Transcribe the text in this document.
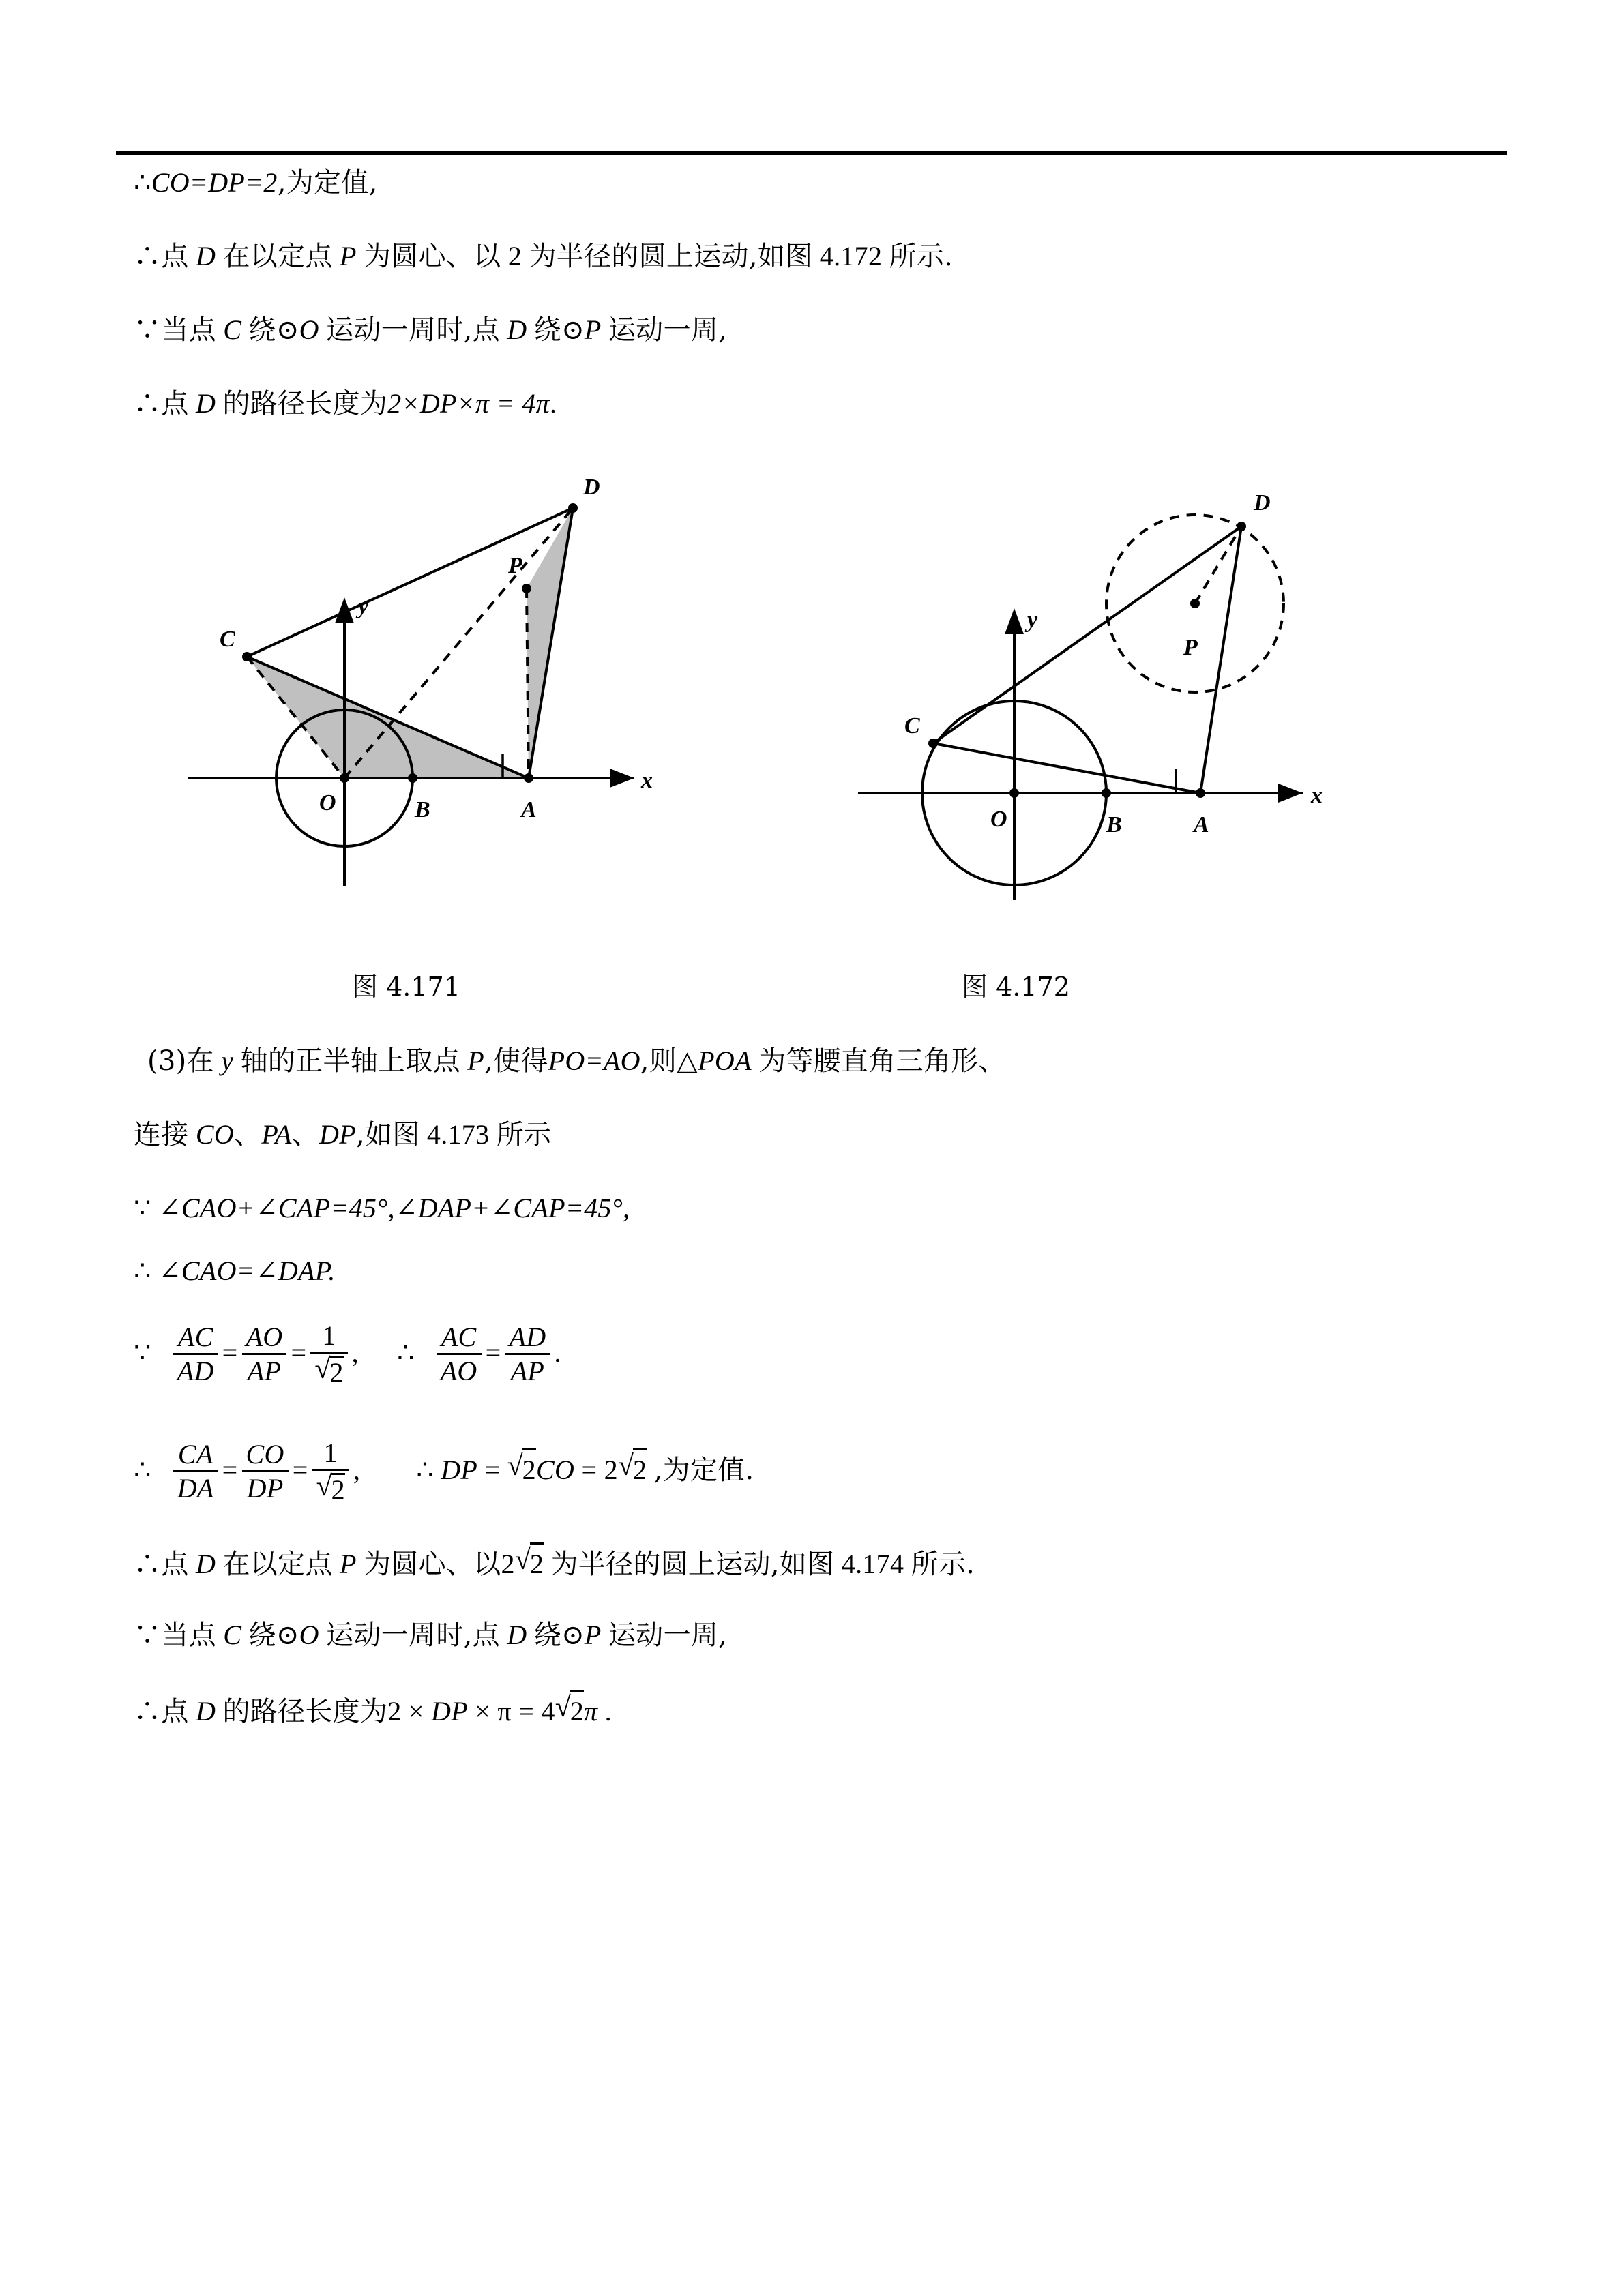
∴CO=DP=2,为定值,
∴点 D 在以定点 P 为圆心、以 2 为半径的圆上运动,如图 4.172 所示.
∵当点 C 绕⊙O 运动一周时,点 D 绕⊙P 运动一周,
∴点 D 的路径长度为2×DP×π = 4π.
D
P
C
O	B	A
x
y
D
P
C
O	B	A
x
y
图 4.171	图 4.172
(3)在 y 轴的正半轴上取点 P,使得PO=AO,则△POA 为等腰直角三角形、
连接 CO、PA、DP,如图 4.173 所示
∵ ∠CAO+∠CAP=45°,∠DAP+∠CAP=45°,
∴ ∠CAO=∠DAP.
∵ $\frac{AC}{AD} = \frac{AO}{AP} = 1$
√ 2 , ∴ $\frac{AC}{AO} = \frac{AD}{AP}$ .
∴ $\frac{CA}{DA} = \frac{CO}{DP} = 1$
√ 2 , ∴ DP = √ 2CO = 2 √ 2 ,为定值.
∴点 D 在以定点 P 为圆心、以2 √ 2 为半径的圆上运动,如图 4.174 所示.
∵当点 C 绕⊙O 运动一周时,点 D 绕⊙P 运动一周,
∴点 D 的路径长度为2 × DP × π = 4 √ 2π .
